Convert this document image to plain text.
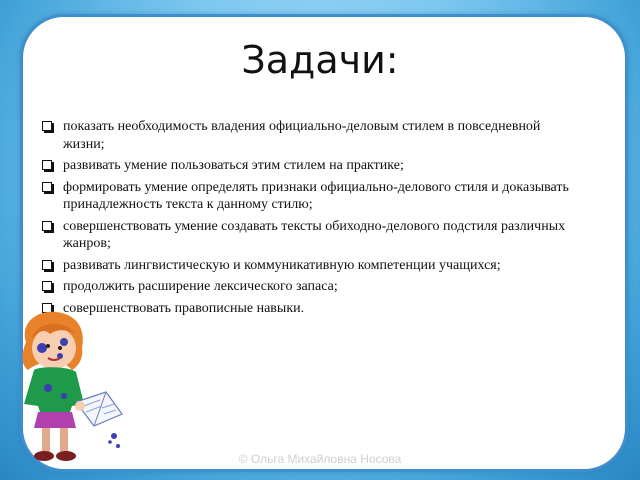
Задачи:
показать необходимость владения официально-деловым стилем в повседневной жизни;
развивать умение пользоваться этим стилем на практике;
формировать умение определять признаки официально-делового стиля и доказывать принадлежность текста к данному стилю;
совершенствовать умение создавать тексты обиходно-делового подстиля различных жанров;
развивать лингвистическую и коммуникативную компетенции учащихся;
продолжить расширение лексического запаса;
совершенствовать правописные навыки.
© Ольга Михайловна Носова
